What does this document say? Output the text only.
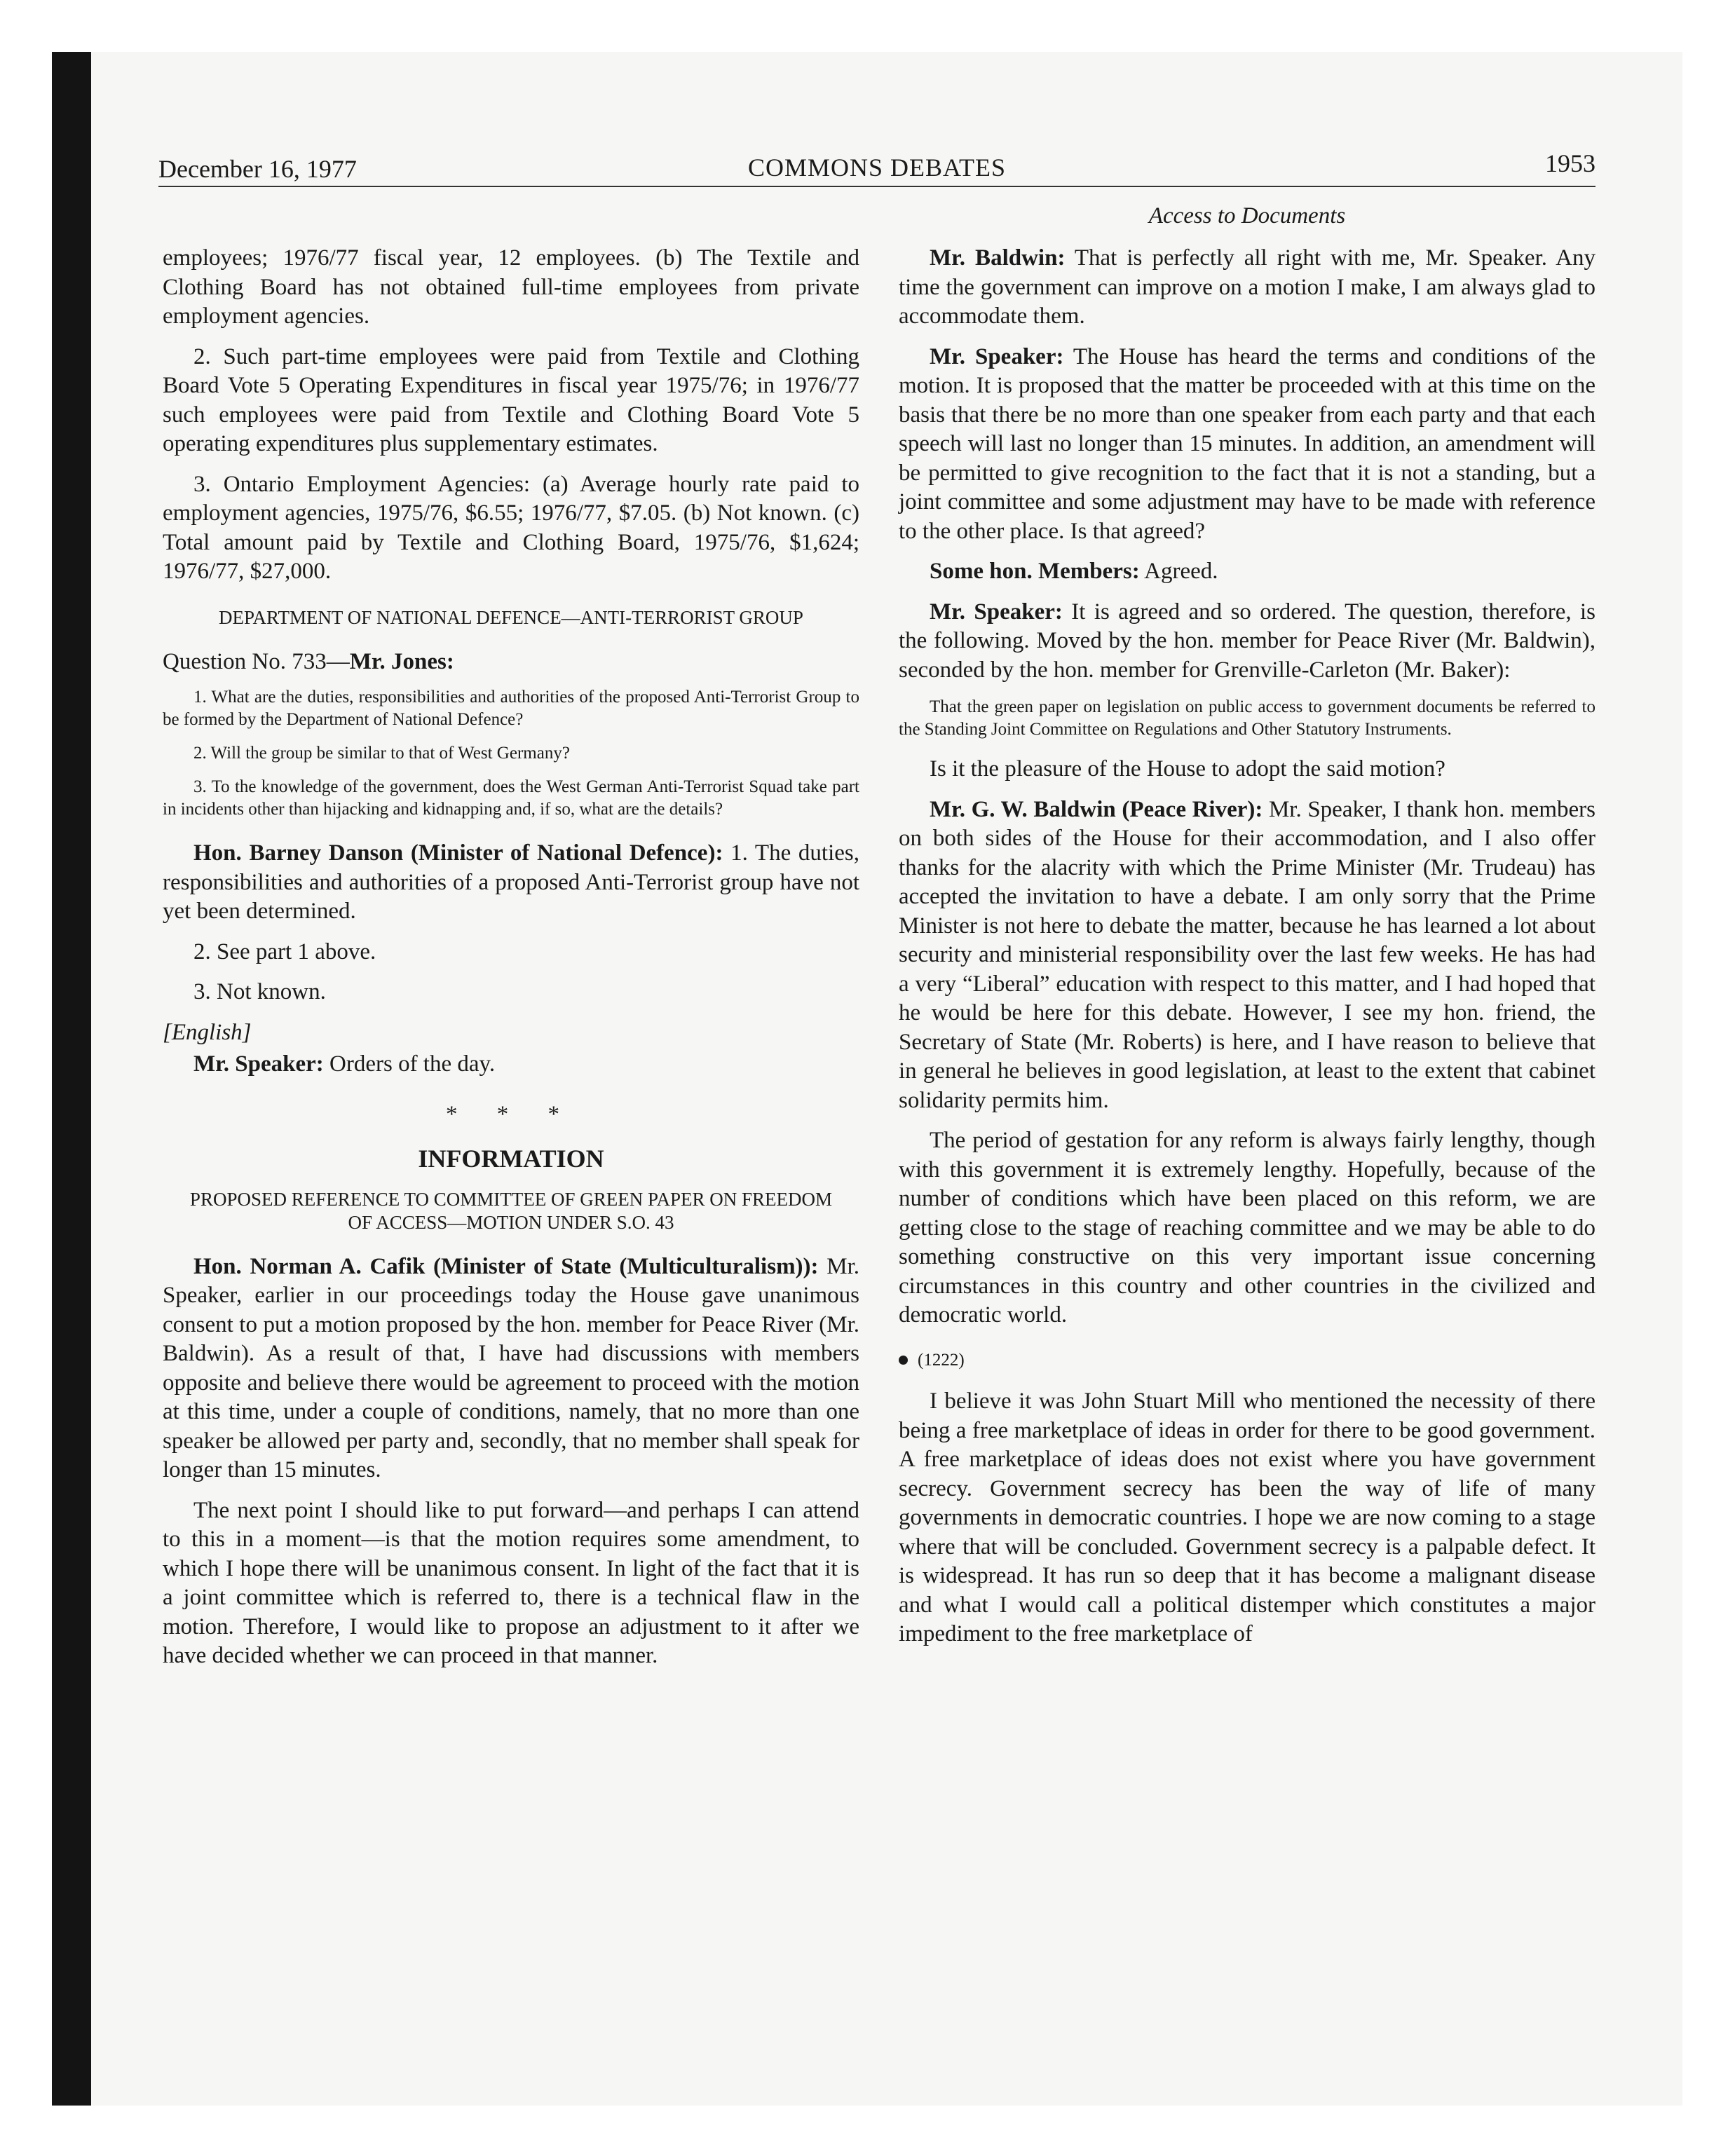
December 16, 1977	COMMONS DEBATES	1953
Access to Documents

employees; 1976/77 fiscal year, 12 employees. (b) The Textile and Clothing Board has not obtained full-time employees from private employment agencies.

2. Such part-time employees were paid from Textile and Clothing Board Vote 5 Operating Expenditures in fiscal year 1975/76; in 1976/77 such employees were paid from Textile and Clothing Board Vote 5 operating expenditures plus supplementary estimates.

3. Ontario Employment Agencies: (a) Average hourly rate paid to employment agencies, 1975/76, $6.55; 1976/77, $7.05. (b) Not known. (c) Total amount paid by Textile and Clothing Board, 1975/76, $1,624; 1976/77, $27,000.

DEPARTMENT OF NATIONAL DEFENCE—ANTI-TERRORIST GROUP
Question No. 733—Mr. Jones:

1. What are the duties, responsibilities and authorities of the proposed Anti-Terrorist Group to be formed by the Department of National Defence?

2. Will the group be similar to that of West Germany?

3. To the knowledge of the government, does the West German Anti-Terrorist Squad take part in incidents other than hijacking and kidnapping and, if so, what are the details?

Hon. Barney Danson (Minister of National Defence): 1. The duties, responsibilities and authorities of a proposed Anti-Terrorist group have not yet been determined.

2. See part 1 above.

3. Not known.

[English]

Mr. Speaker: Orders of the day.

* * *
INFORMATION
PROPOSED REFERENCE TO COMMITTEE OF GREEN PAPER ON FREEDOM OF ACCESS—MOTION UNDER S.O. 43

Hon. Norman A. Cafik (Minister of State (Multiculturalism)): Mr. Speaker, earlier in our proceedings today the House gave unanimous consent to put a motion proposed by the hon. member for Peace River (Mr. Baldwin). As a result of that, I have had discussions with members opposite and believe there would be agreement to proceed with the motion at this time, under a couple of conditions, namely, that no more than one speaker be allowed per party and, secondly, that no member shall speak for longer than 15 minutes.

The next point I should like to put forward—and perhaps I can attend to this in a moment—is that the motion requires some amendment, to which I hope there will be unanimous consent. In light of the fact that it is a joint committee which is referred to, there is a technical flaw in the motion. Therefore, I would like to propose an adjustment to it after we have decided whether we can proceed in that manner.

Mr. Baldwin: That is perfectly all right with me, Mr. Speaker. Any time the government can improve on a motion I make, I am always glad to accommodate them.

Mr. Speaker: The House has heard the terms and conditions of the motion. It is proposed that the matter be proceeded with at this time on the basis that there be no more than one speaker from each party and that each speech will last no longer than 15 minutes. In addition, an amendment will be permitted to give recognition to the fact that it is not a standing, but a joint committee and some adjustment may have to be made with reference to the other place. Is that agreed?

Some hon. Members: Agreed.

Mr. Speaker: It is agreed and so ordered. The question, therefore, is the following. Moved by the hon. member for Peace River (Mr. Baldwin), seconded by the hon. member for Grenville-Carleton (Mr. Baker):

That the green paper on legislation on public access to government documents be referred to the Standing Joint Committee on Regulations and Other Statutory Instruments.

Is it the pleasure of the House to adopt the said motion?

Mr. G. W. Baldwin (Peace River): Mr. Speaker, I thank hon. members on both sides of the House for their accommodation, and I also offer thanks for the alacrity with which the Prime Minister (Mr. Trudeau) has accepted the invitation to have a debate. I am only sorry that the Prime Minister is not here to debate the matter, because he has learned a lot about security and ministerial responsibility over the last few weeks. He has had a very “Liberal” education with respect to this matter, and I had hoped that he would be here for this debate. However, I see my hon. friend, the Secretary of State (Mr. Roberts) is here, and I have reason to believe that in general he believes in good legislation, at least to the extent that cabinet solidarity permits him.

The period of gestation for any reform is always fairly lengthy, though with this government it is extremely lengthy. Hopefully, because of the number of conditions which have been placed on this reform, we are getting close to the stage of reaching committee and we may be able to do something constructive on this very important issue concerning circumstances in this country and other countries in the civilized and democratic world.

(1222)

I believe it was John Stuart Mill who mentioned the necessity of there being a free marketplace of ideas in order for there to be good government. A free marketplace of ideas does not exist where you have government secrecy. Government secrecy has been the way of life of many governments in democratic countries. I hope we are now coming to a stage where that will be concluded. Government secrecy is a palpable defect. It is widespread. It has run so deep that it has become a malignant disease and what I would call a political distemper which constitutes a major impediment to the free marketplace of
